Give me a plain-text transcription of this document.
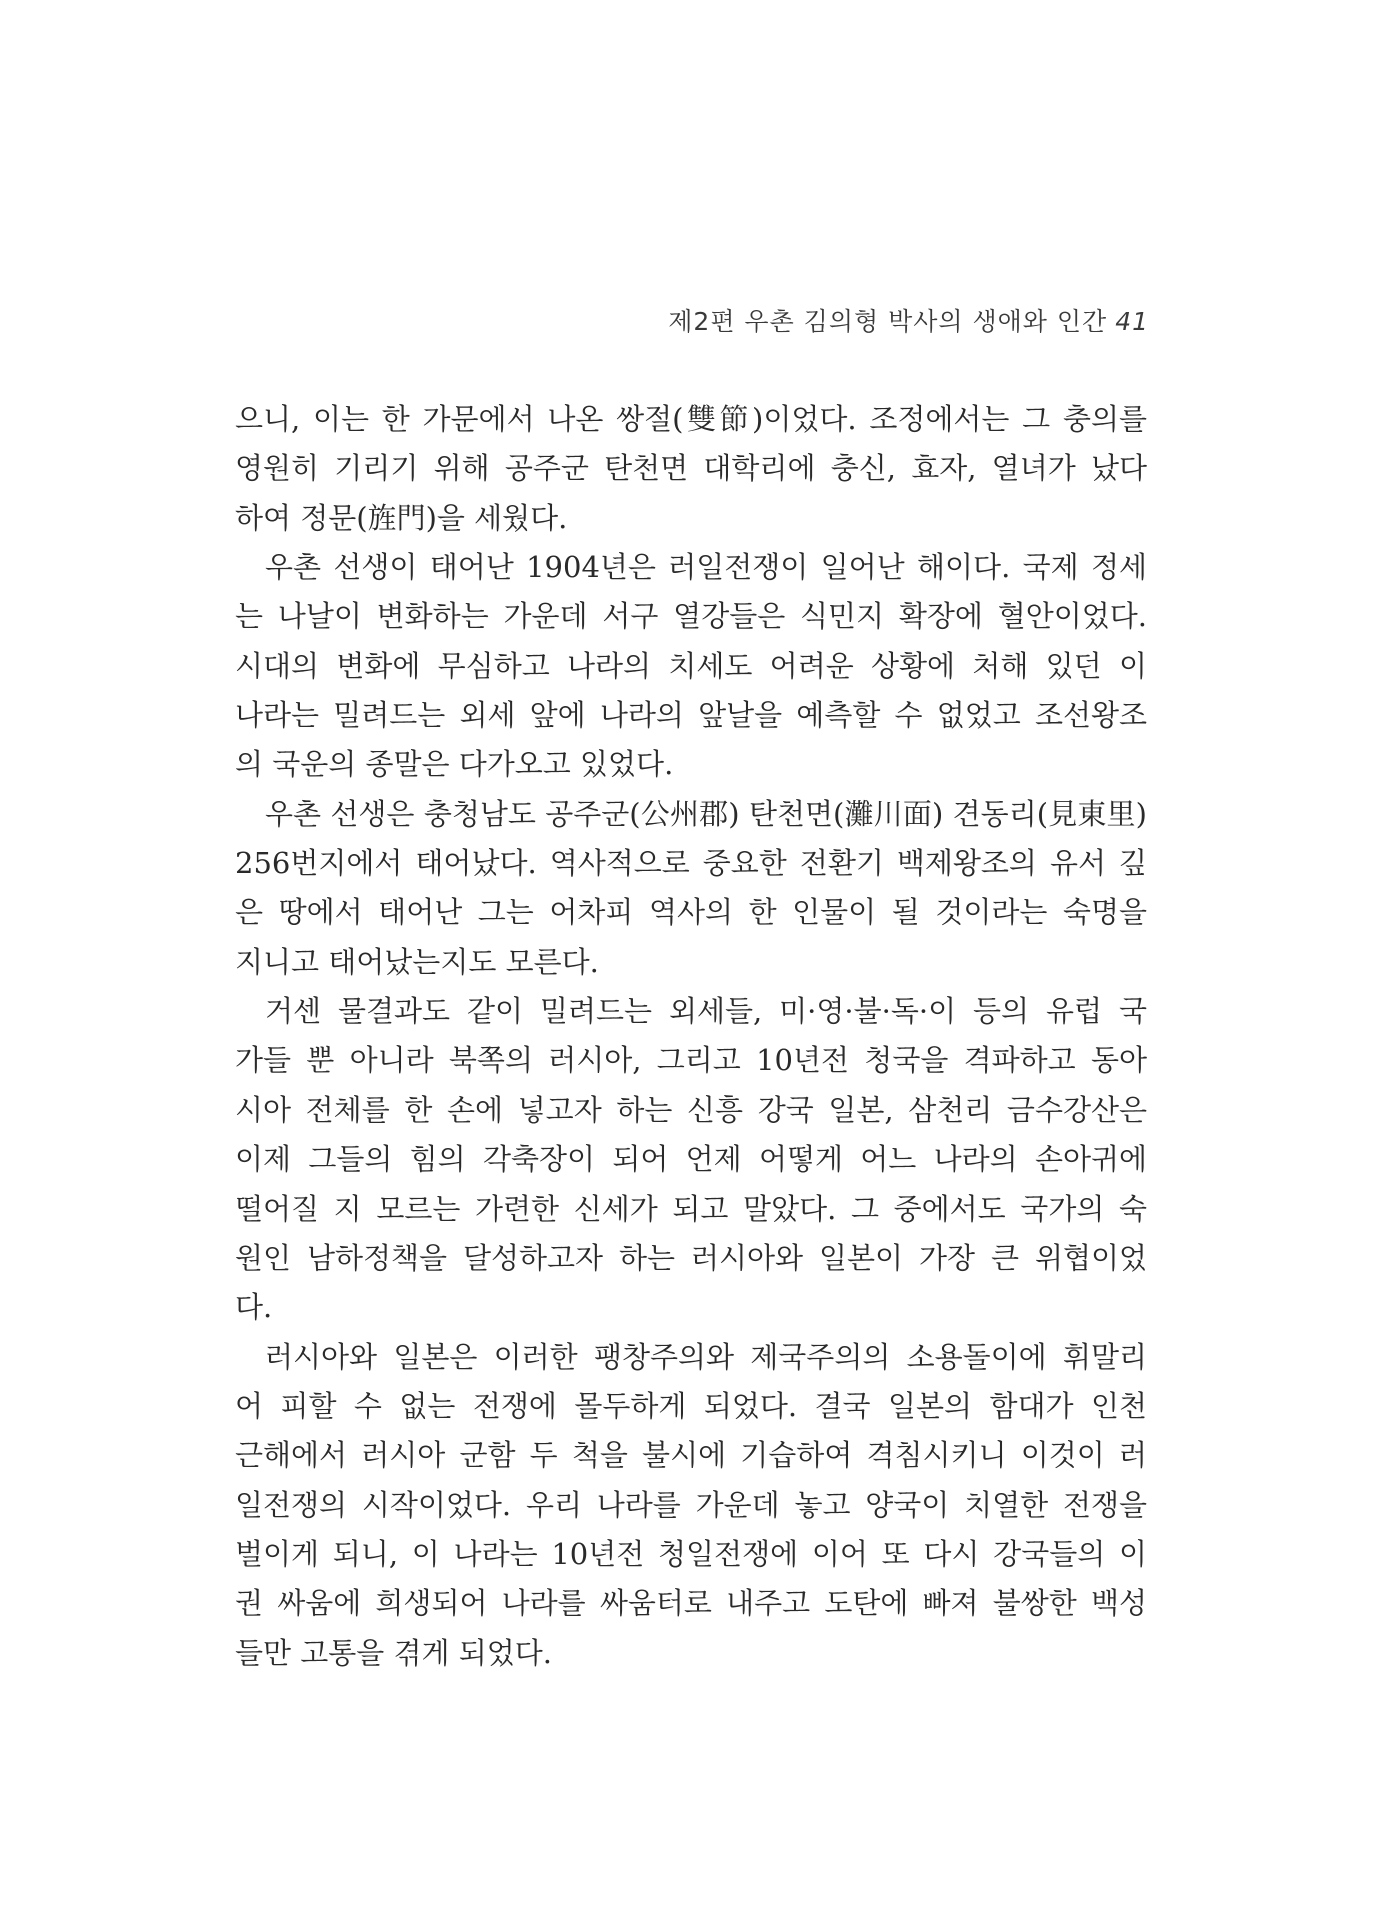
제2편 우촌 김의형 박사의 생애와 인간 41
으니, 이는 한 가문에서 나온 쌍절(雙節)이었다. 조정에서는 그 충의를
영원히 기리기 위해 공주군 탄천면 대학리에 충신, 효자, 열녀가 났다
하여 정문(旌門)을 세웠다.
우촌 선생이 태어난 1904년은 러일전쟁이 일어난 해이다. 국제 정세
는 나날이 변화하는 가운데 서구 열강들은 식민지 확장에 혈안이었다.
시대의 변화에 무심하고 나라의 치세도 어려운 상황에 처해 있던 이
나라는 밀려드는 외세 앞에 나라의 앞날을 예측할 수 없었고 조선왕조
의 국운의 종말은 다가오고 있었다.
우촌 선생은 충청남도 공주군(公州郡) 탄천면(灘川面) 견동리(見東里)
256번지에서 태어났다. 역사적으로 중요한 전환기 백제왕조의 유서 깊
은 땅에서 태어난 그는 어차피 역사의 한 인물이 될 것이라는 숙명을
지니고 태어났는지도 모른다.
거센 물결과도 같이 밀려드는 외세들, 미·영·불·독·이 등의 유럽 국
가들 뿐 아니라 북쪽의 러시아, 그리고 10년전 청국을 격파하고 동아
시아 전체를 한 손에 넣고자 하는 신흥 강국 일본, 삼천리 금수강산은
이제 그들의 힘의 각축장이 되어 언제 어떻게 어느 나라의 손아귀에
떨어질 지 모르는 가련한 신세가 되고 말았다. 그 중에서도 국가의 숙
원인 남하정책을 달성하고자 하는 러시아와 일본이 가장 큰 위협이었
다.
러시아와 일본은 이러한 팽창주의와 제국주의의 소용돌이에 휘말리
어 피할 수 없는 전쟁에 몰두하게 되었다. 결국 일본의 함대가 인천
근해에서 러시아 군함 두 척을 불시에 기습하여 격침시키니 이것이 러
일전쟁의 시작이었다. 우리 나라를 가운데 놓고 양국이 치열한 전쟁을
벌이게 되니, 이 나라는 10년전 청일전쟁에 이어 또 다시 강국들의 이
권 싸움에 희생되어 나라를 싸움터로 내주고 도탄에 빠져 불쌍한 백성
들만 고통을 겪게 되었다.
